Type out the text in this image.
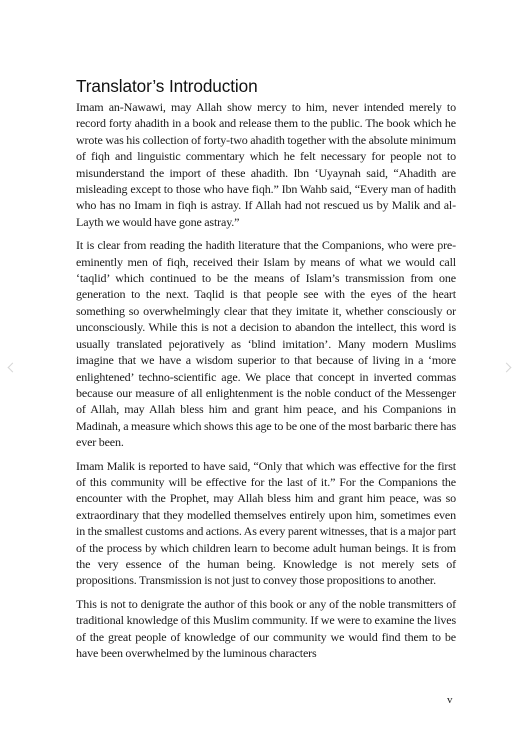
Translator’s Introduction

Imam an-Nawawi, may Allah show mercy to him, never intended merely to record forty ahadith in a book and release them to the public. The book which he wrote was his collection of forty-two ahadith together with the absolute minimum of fiqh and linguistic commentary which he felt necessary for people not to misunderstand the import of these ahadith. Ibn ‘Uyaynah said, “Ahadith are misleading except to those who have fiqh.” Ibn Wahb said, “Every man of hadith who has no Imam in fiqh is astray. If Allah had not rescued us by Malik and al-Layth we would have gone astray.”

It is clear from reading the hadith literature that the Companions, who were pre-eminently men of fiqh, received their Islam by means of what we would call ‘taqlid’ which continued to be the means of Islam’s transmission from one generation to the next. Taqlid is that people see with the eyes of the heart something so overwhelmingly clear that they imitate it, whether consciously or unconsciously. While this is not a decision to abandon the intellect, this word is usually translated pejoratively as ‘blind imitation’. Many modern Muslims imagine that we have a wisdom superior to that because of living in a ‘more enlightened’ techno-scientific age. We place that concept in inverted commas because our measure of all enlightenment is the noble conduct of the Messenger of Allah, may Allah bless him and grant him peace, and his Companions in Madinah, a measure which shows this age to be one of the most barbaric there has ever been.

Imam Malik is reported to have said, “Only that which was effective for the first of this community will be effective for the last of it.” For the Companions the encounter with the Prophet, may Allah bless him and grant him peace, was so extraordinary that they modelled themselves entirely upon him, sometimes even in the smallest customs and actions. As every parent witnesses, that is a major part of the process by which children learn to become adult human beings. It is from the very essence of the human being. Knowledge is not merely sets of propositions. Transmission is not just to convey those propositions to another.

This is not to denigrate the author of this book or any of the noble transmitters of traditional knowledge of this Muslim community. If we were to examine the lives of the great people of knowledge of our community we would find them to be have been overwhelmed by the luminous characters

v
